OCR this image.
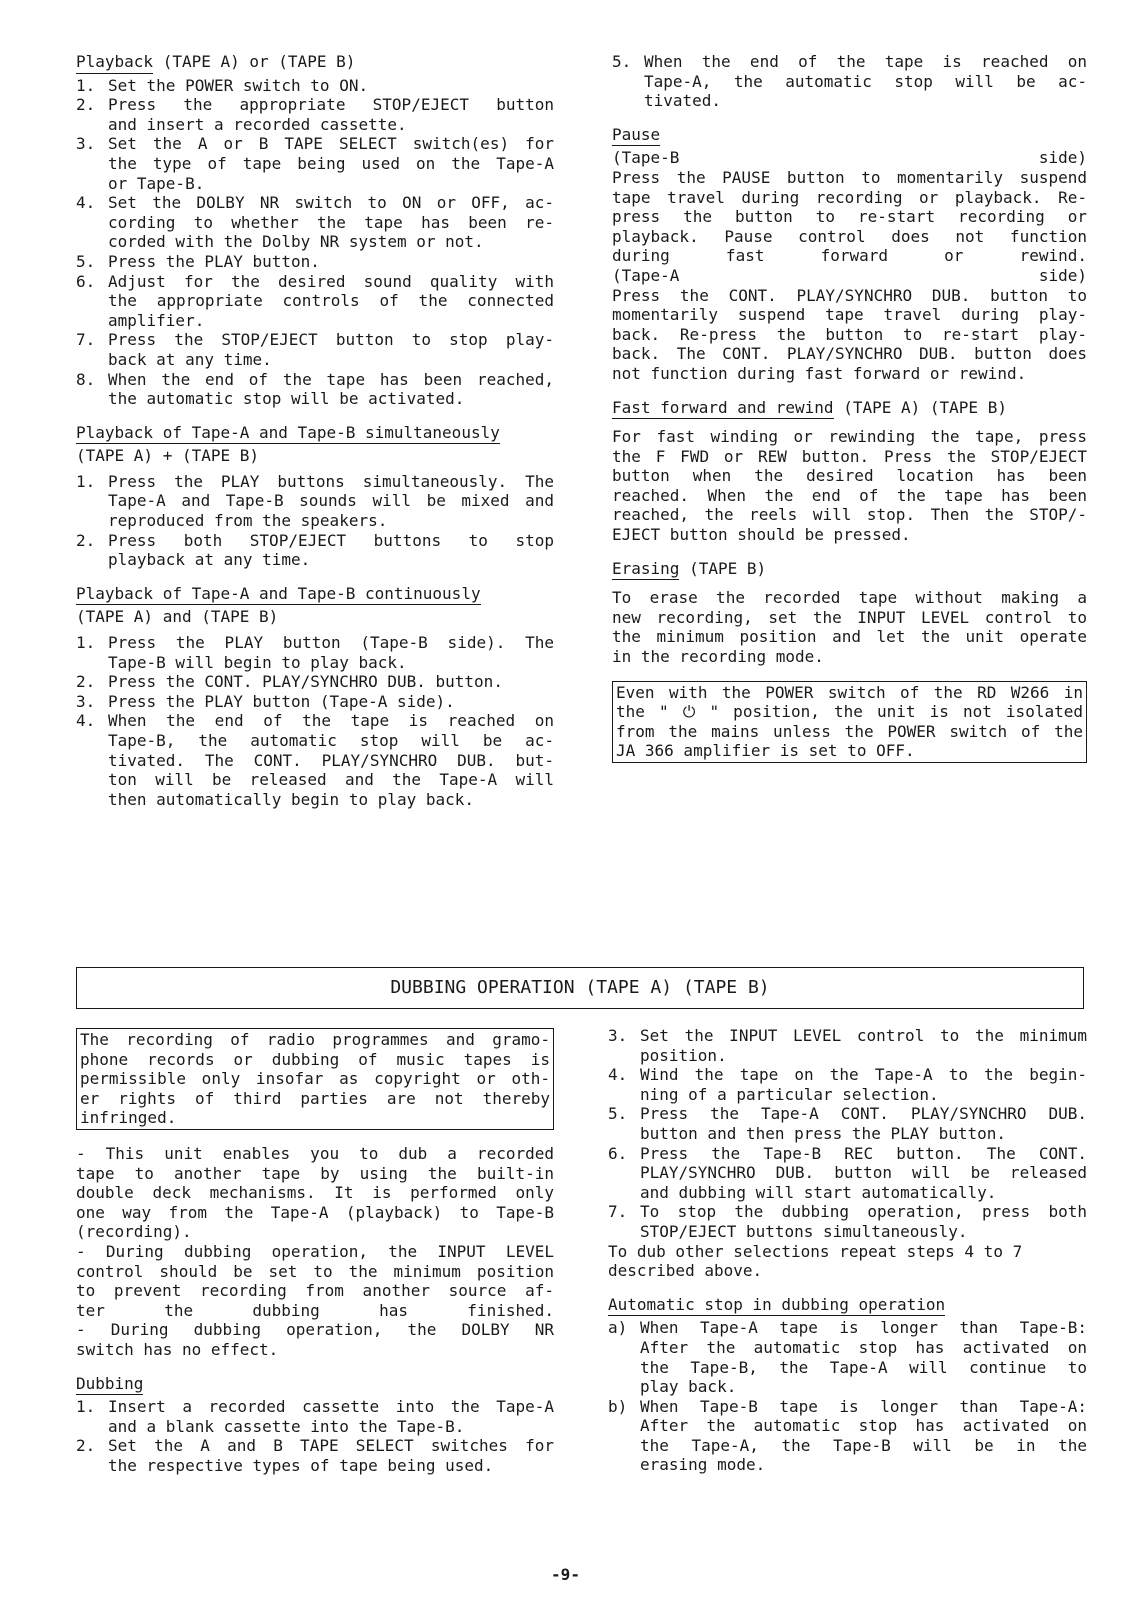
Playback (TAPE A) or (TAPE B)
1. Set the POWER switch to ON.
2. Press the appropriate STOP/EJECT button
and insert a recorded cassette.
3. Set the A or B TAPE SELECT switch(es) for
the type of tape being used on the Tape-A
or Tape-B.
4. Set the DOLBY NR switch to ON or OFF, ac-
cording to whether the tape has been re-
corded with the Dolby NR system or not.
5. Press the PLAY button.
6. Adjust for the desired sound quality with
the appropriate controls of the connected
amplifier.
7. Press the STOP/EJECT button to stop play-
back at any time.
8. When the end of the tape has been reached,
the automatic stop will be activated.
Playback of Tape-A and Tape-B simultaneously
(TAPE A) + (TAPE B)
1. Press the PLAY buttons simultaneously. The
Tape-A and Tape-B sounds will be mixed and
reproduced from the speakers.
2. Press both STOP/EJECT buttons to stop
playback at any time.
Playback of Tape-A and Tape-B continuously
(TAPE A) and (TAPE B)
1. Press the PLAY button (Tape-B side). The
Tape-B will begin to play back.
2. Press the CONT. PLAY/SYNCHRO DUB. button.
3. Press the PLAY button (Tape-A side).
4. When the end of the tape is reached on
Tape-B, the automatic stop will be ac-
tivated. The CONT. PLAY/SYNCHRO DUB. but-
ton will be released and the Tape-A will
then automatically begin to play back.
5. When the end of the tape is reached on
Tape-A, the automatic stop will be ac-
tivated.
Pause
(Tape-B side)
Press the PAUSE button to momentarily suspend
tape travel during recording or playback. Re-
press the button to re-start recording or
playback. Pause control does not function
during fast forward or rewind.
(Tape-A side)
Press the CONT. PLAY/SYNCHRO DUB. button to
momentarily suspend tape travel during play-
back. Re-press the button to re-start play-
back. The CONT. PLAY/SYNCHRO DUB. button does
not function during fast forward or rewind.
Fast forward and rewind (TAPE A) (TAPE B)
For fast winding or rewinding the tape, press
the F FWD or REW button. Press the STOP/EJECT
button when the desired location has been
reached. When the end of the tape has been
reached, the reels will stop. Then the STOP/-
EJECT button should be pressed.
Erasing (TAPE B)
To erase the recorded tape without making a
new recording, set the INPUT LEVEL control to
the minimum position and let the unit operate
in the recording mode.
Even with the POWER switch of the RD W266 in
the " ⏻ " position, the unit is not isolated
from the mains unless the POWER switch of the
JA 366 amplifier is set to OFF.
DUBBING OPERATION (TAPE A) (TAPE B)
The recording of radio programmes and gramo-
phone records or dubbing of music tapes is
permissible only insofar as copyright or oth-
er rights of third parties are not thereby
infringed.
- This unit enables you to dub a recorded
tape to another tape by using the built-in
double deck mechanisms. It is performed only
one way from the Tape-A (playback) to Tape-B
(recording).
- During dubbing operation, the INPUT LEVEL
control should be set to the minimum position
to prevent recording from another source af-
ter the dubbing has finished.
- During dubbing operation, the DOLBY NR
switch has no effect.
Dubbing
1. Insert a recorded cassette into the Tape-A
and a blank cassette into the Tape-B.
2. Set the A and B TAPE SELECT switches for
the respective types of tape being used.
3. Set the INPUT LEVEL control to the minimum
position.
4. Wind the tape on the Tape-A to the begin-
ning of a particular selection.
5. Press the Tape-A CONT. PLAY/SYNCHRO DUB.
button and then press the PLAY button.
6. Press the Tape-B REC button. The CONT.
PLAY/SYNCHRO DUB. button will be released
and dubbing will start automatically.
7. To stop the dubbing operation, press both
STOP/EJECT buttons simultaneously.
To dub other selections repeat steps 4 to 7
described above.
Automatic stop in dubbing operation
a) When Tape-A tape is longer than Tape-B:
After the automatic stop has activated on
the Tape-B, the Tape-A will continue to
play back.
b) When Tape-B tape is longer than Tape-A:
After the automatic stop has activated on
the Tape-A, the Tape-B will be in the
erasing mode.
-9-
